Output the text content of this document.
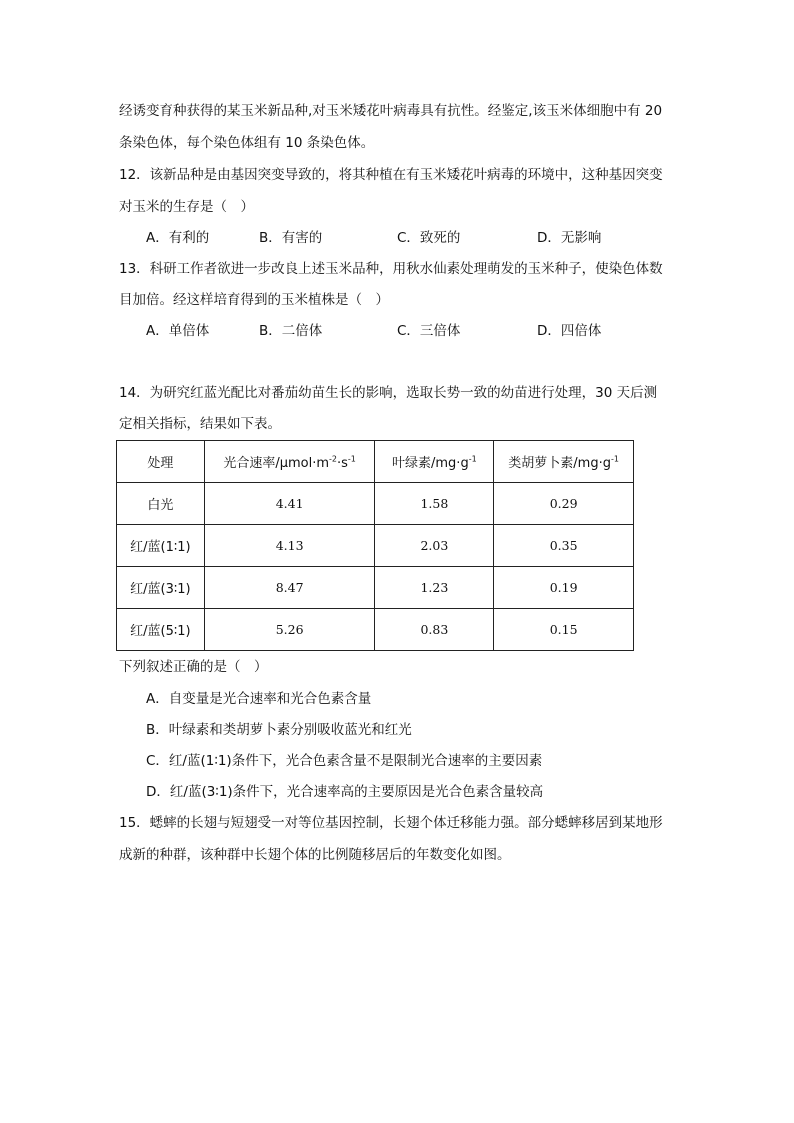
经诱变育种获得的某玉米新品种,对玉米矮花叶病毒具有抗性。经鉴定,该玉米体细胞中有 20
条染色体，每个染色体组有 10 条染色体。
12．该新品种是由基因突变导致的，将其种植在有玉米矮花叶病毒的环境中，这种基因突变
对玉米的生存是（　）
A．有利的	B．有害的	C．致死的	D．无影响
13．科研工作者欲进一步改良上述玉米品种，用秋水仙素处理萌发的玉米种子，使染色体数
目加倍。经这样培育得到的玉米植株是（　）
A．单倍体	B．二倍体	C．三倍体	D．四倍体
14．为研究红蓝光配比对番茄幼苗生长的影响，选取长势一致的幼苗进行处理，30 天后测
定相关指标，结果如下表。
处理	光合速率$/\mu mol\cdot m^{-2}\cdot s^{-1}$	叶绿素$/mg\cdot g^{-1}$	类胡萝卜素$/mg\cdot g^{-1}$
白光	4.41	1.58	0.29
红/蓝(1∶1)	4.13	2.03	0.35
红/蓝(3∶1)	8.47	1.23	0.19
红/蓝(5∶1)	5.26	0.83	0.15
下列叙述正确的是（　）
A．自变量是光合速率和光合色素含量
B．叶绿素和类胡萝卜素分别吸收蓝光和红光
C．红/蓝(1∶1)条件下，光合色素含量不是限制光合速率的主要因素
D．红/蓝(3∶1)条件下，光合速率高的主要原因是光合色素含量较高
15．蟋蟀的长翅与短翅受一对等位基因控制，长翅个体迁移能力强。部分蟋蟀移居到某地形
成新的种群，该种群中长翅个体的比例随移居后的年数变化如图。
